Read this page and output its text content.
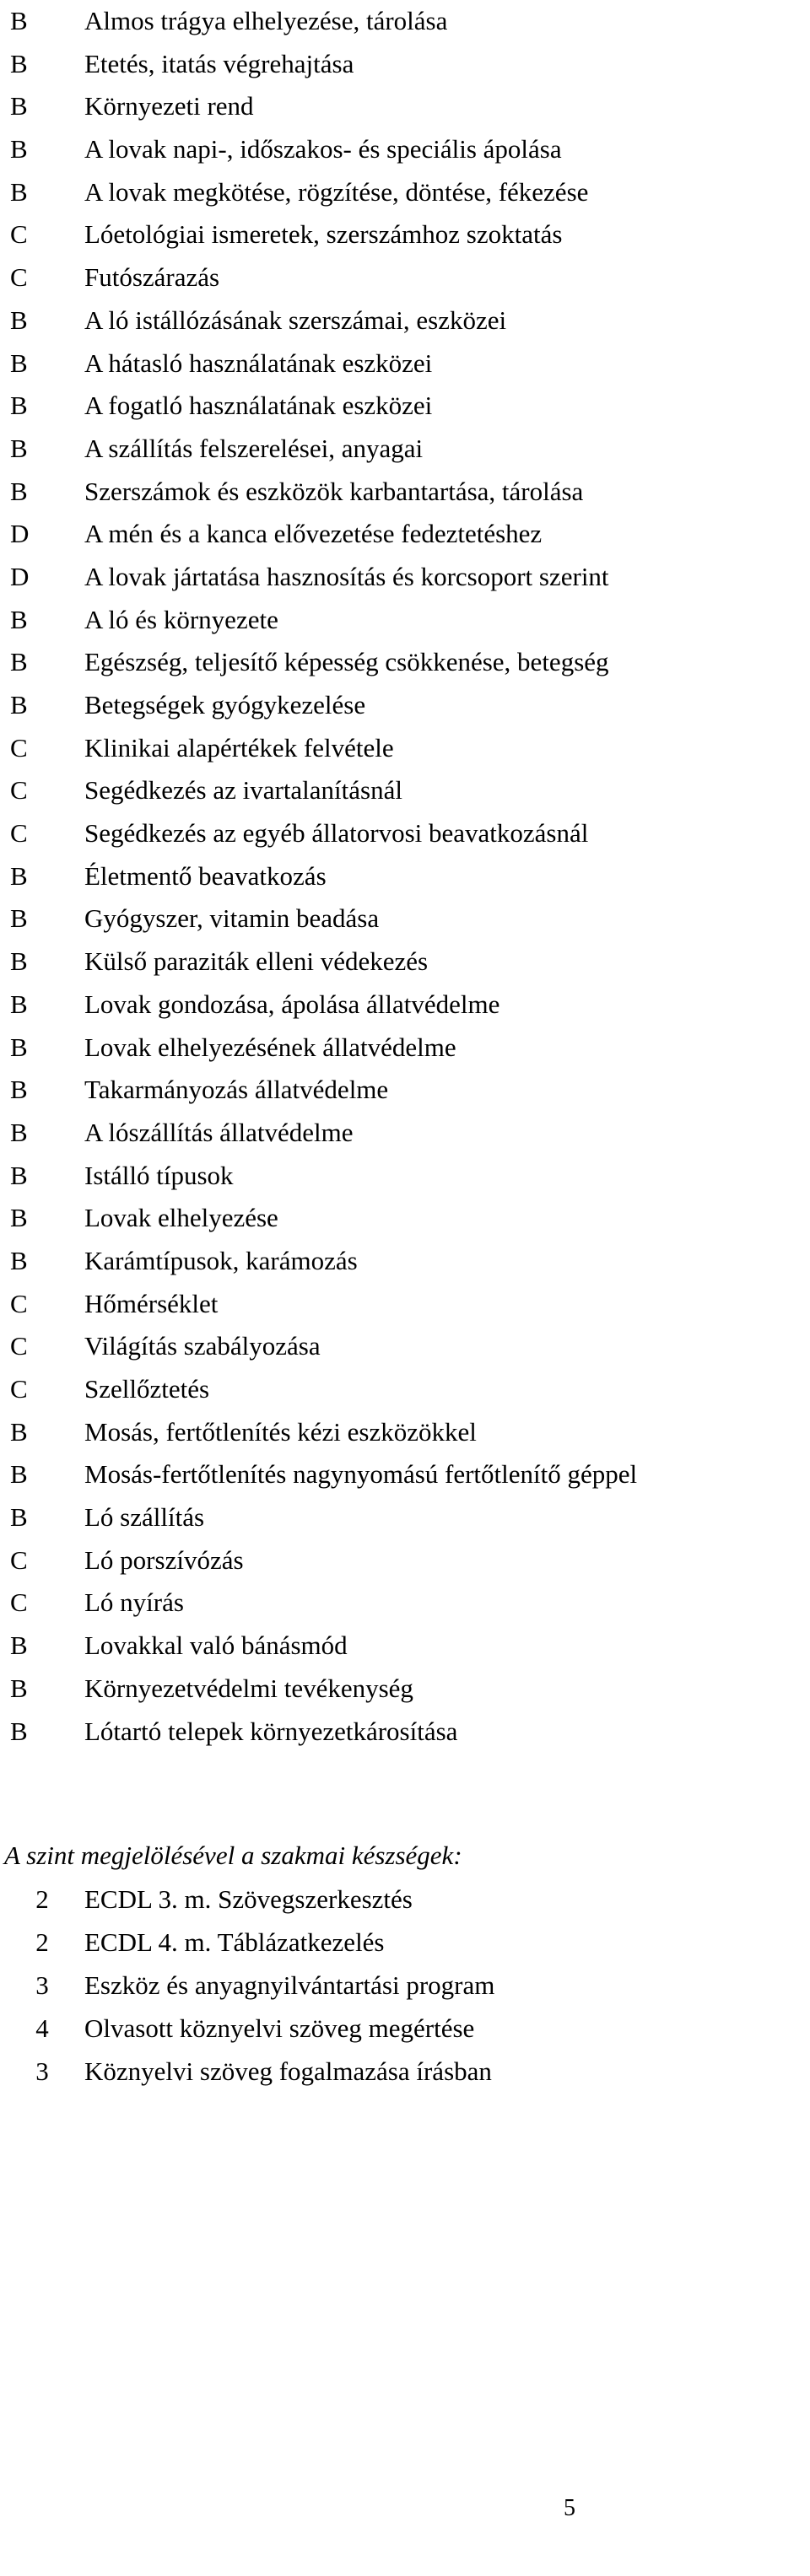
B	Almos trágya elhelyezése, tárolása
B	Etetés, itatás végrehajtása
B	Környezeti rend
B	A lovak napi-, időszakos- és speciális ápolása
B	A lovak megkötése, rögzítése, döntése, fékezése
C	Lóetológiai ismeretek, szerszámhoz szoktatás
C	Futószárazás
B	A ló istállózásának szerszámai, eszközei
B	A hátasló használatának eszközei
B	A fogatló használatának eszközei
B	A szállítás felszerelései, anyagai
B	Szerszámok és eszközök karbantartása, tárolása
D	A mén és a kanca elővezetése fedeztetéshez
D	A lovak jártatása hasznosítás és korcsoport szerint
B	A ló és környezete
B	Egészség, teljesítő képesség csökkenése, betegség
B	Betegségek gyógykezelése
C	Klinikai alapértékek felvétele
C	Segédkezés az ivartalanításnál
C	Segédkezés az egyéb állatorvosi beavatkozásnál
B	Életmentő beavatkozás
B	Gyógyszer, vitamin beadása
B	Külső paraziták elleni védekezés
B	Lovak gondozása, ápolása állatvédelme
B	Lovak elhelyezésének állatvédelme
B	Takarmányozás állatvédelme
B	A lószállítás állatvédelme
B	Istálló típusok
B	Lovak elhelyezése
B	Karámtípusok, karámozás
C	Hőmérséklet
C	Világítás szabályozása
C	Szellőztetés
B	Mosás, fertőtlenítés kézi eszközökkel
B	Mosás-fertőtlenítés nagynyomású fertőtlenítő géppel
B	Ló szállítás
C	Ló porszívózás
C	Ló nyírás
B	Lovakkal való bánásmód
B	Környezetvédelmi tevékenység
B	Lótartó telepek környezetkárosítása
A szint megjelölésével a szakmai készségek:
2	ECDL 3. m. Szövegszerkesztés
2	ECDL 4. m. Táblázatkezelés
3	Eszköz és anyagnyilvántartási program
4	Olvasott köznyelvi szöveg megértése
3	Köznyelvi szöveg fogalmazása írásban
5
